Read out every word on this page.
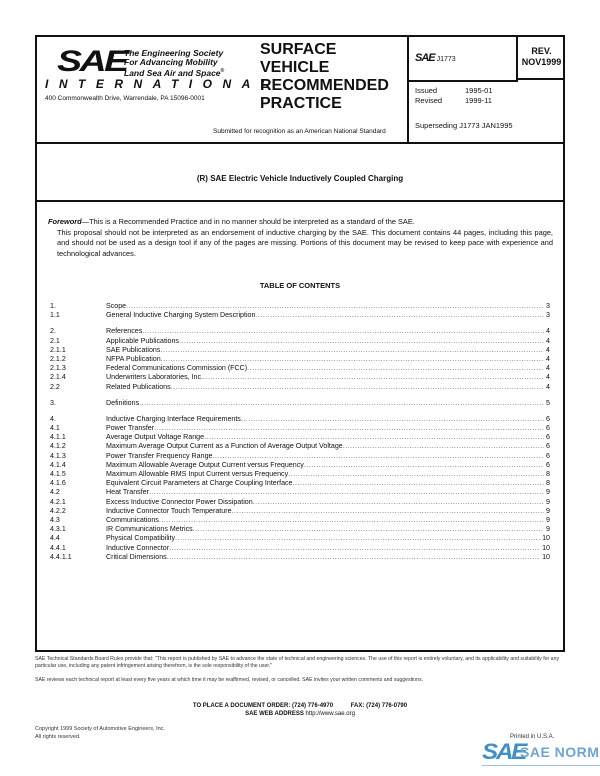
SAE
The Engineering Society
For Advancing Mobility
Land Sea Air and Space®
INTERNATIONAL
400 Commonwealth Drive, Warrendale, PA 15096-0001
SURFACE
VEHICLE
RECOMMENDED
PRACTICE
Submitted for recognition as an American National Standard
SAE J1773
REV.
NOV1999
Issued	1995-01
Revised	1999-11
Superseding J1773 JAN1995
(R) SAE Electric Vehicle Inductively Coupled Charging
Foreword—This is a Recommended Practice and in no manner should be interpreted as a standard of the SAE.
This proposal should not be interpreted as an endorsement of inductive charging by the SAE. This document contains 44 pages, including this page, and should not be used as a design tool if any of the pages are missing. Portions of this document may be revised to keep pace with experience and technological advances.
TABLE OF CONTENTS
1.	Scope .....	3
1.1	General Inductive Charging System Description .....	3
2.	References .....	4
2.1	Applicable Publications .....	4
2.1.1	SAE Publications .....	4
2.1.2	NFPA Publication .....	4
2.1.3	Federal Communications Commission (FCC) .....	4
2.1.4	Underwriters Laboratories, Inc. .....	4
2.2	Related Publications .....	4
3.	Definitions .....	5
4.	Inductive Charging Interface Requirements .....	6
4.1	Power Transfer .....	6
4.1.1	Average Output Voltage Range .....	6
4.1.2	Maximum Average Output Current as a Function of Average Output Voltage .....	6
4.1.3	Power Transfer Frequency Range .....	6
4.1.4	Maximum Allowable Average Output Current versus Frequency .....	6
4.1.5	Maximum Allowable RMS Input Current versus Frequency .....	8
4.1.6	Equivalent Circuit Parameters at Charge Coupling Interface .....	8
4.2	Heat Transfer .....	9
4.2.1	Excess Inductive Connector Power Dissipation .....	9
4.2.2	Inductive Connector Touch Temperature .....	9
4.3	Communications .....	9
4.3.1	IR Communications Metrics .....	9
4.4	Physical Compatibility .....	10
4.4.1	Inductive Connector .....	10
4.4.1.1	Critical Dimensions .....	10
SAE Technical Standards Board Rules provide that: "This report is published by SAE to advance the state of technical and engineering sciences. The use of this report is entirely voluntary, and its applicability and suitability for any particular use, including any patent infringement arising therefrom, is the sole responsibility of the user."
SAE reviews each technical report at least every five years at which time it may be reaffirmed, revised, or cancelled. SAE invites your written comments and suggestions.
TO PLACE A DOCUMENT ORDER: (724) 776-4970	FAX: (724) 776-0790
SAE WEB ADDRESS http://www.sae.org
Copyright 1999 Society of Automotive Engineers, Inc.
All rights reserved.	Printed in U.S.A.
SAE
SAE NORM
